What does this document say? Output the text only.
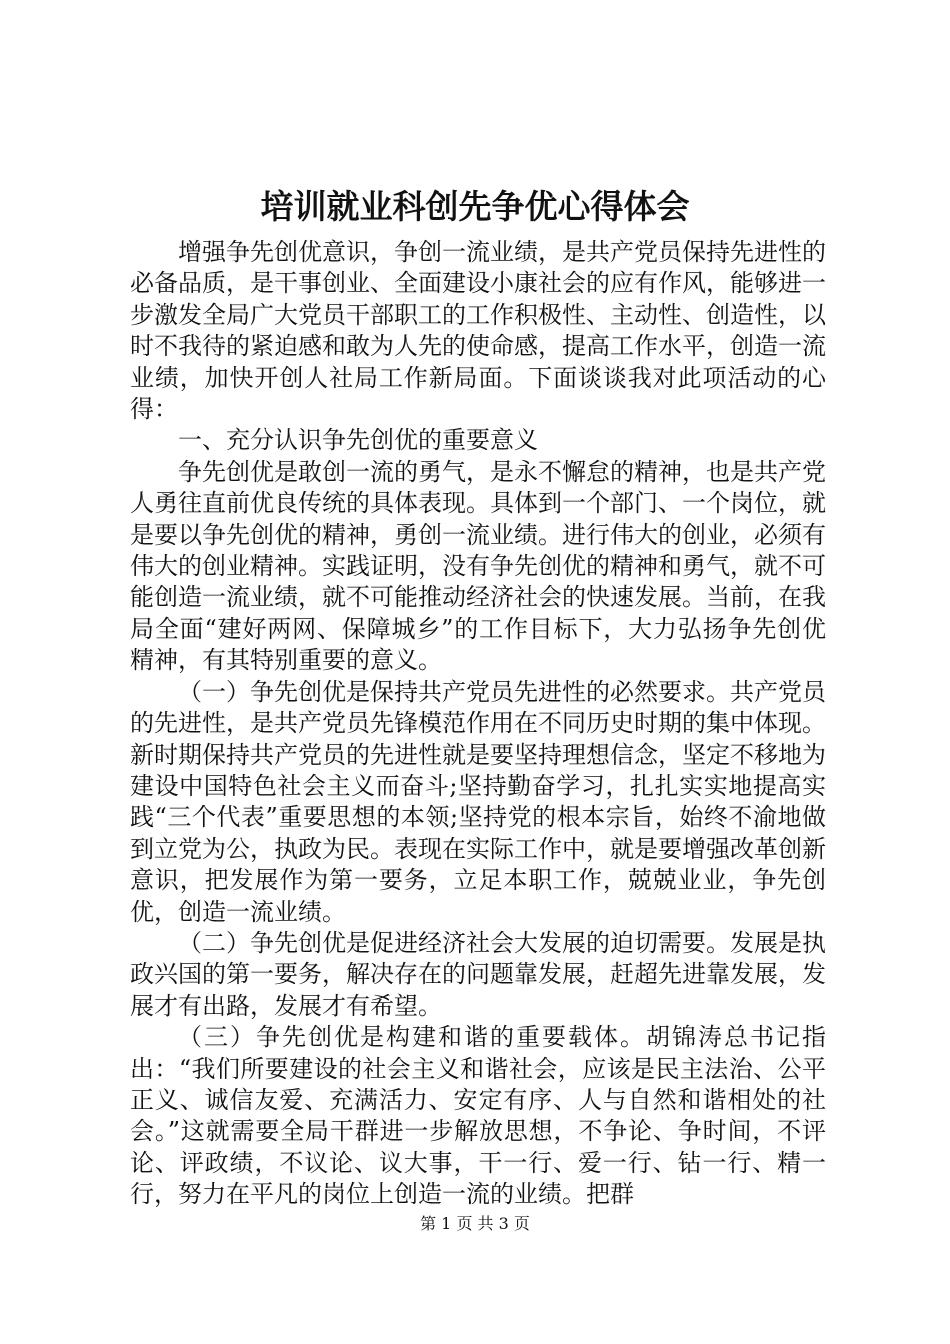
培训就业科创先争优心得体会

增强争先创优意识，争创一流业绩，是共产党员保持先进性的必备品质，是干事创业、全面建设小康社会的应有作风，能够进一步激发全局广大党员干部职工的工作积极性、主动性、创造性，以时不我待的紧迫感和敢为人先的使命感，提高工作水平，创造一流业绩，加快开创人社局工作新局面。下面谈谈我对此项活动的心得：

一、充分认识争先创优的重要意义

争先创优是敢创一流的勇气，是永不懈怠的精神，也是共产党人勇往直前优良传统的具体表现。具体到一个部门、一个岗位，就是要以争先创优的精神，勇创一流业绩。进行伟大的创业，必须有伟大的创业精神。实践证明，没有争先创优的精神和勇气，就不可能创造一流业绩，就不可能推动经济社会的快速发展。当前，在我局全面“建好两网、保障城乡”的工作目标下，大力弘扬争先创优精神，有其特别重要的意义。

（一）争先创优是保持共产党员先进性的必然要求。共产党员的先进性，是共产党员先锋模范作用在不同历史时期的集中体现。新时期保持共产党员的先进性就是要坚持理想信念，坚定不移地为建设中国特色社会主义而奋斗;坚持勤奋学习，扎扎实实地提高实践“三个代表”重要思想的本领;坚持党的根本宗旨，始终不渝地做到立党为公，执政为民。表现在实际工作中，就是要增强改革创新意识，把发展作为第一要务，立足本职工作，兢兢业业，争先创优，创造一流业绩。

（二）争先创优是促进经济社会大发展的迫切需要。发展是执政兴国的第一要务，解决存在的问题靠发展，赶超先进靠发展，发展才有出路，发展才有希望。

（三）争先创优是构建和谐的重要载体。胡锦涛总书记指出：“我们所要建设的社会主义和谐社会，应该是民主法治、公平正义、诚信友爱、充满活力、安定有序、人与自然和谐相处的社会。”这就需要全局干群进一步解放思想，不争论、争时间，不评论、评政绩，不议论、议大事，干一行、爱一行、钻一行、精一行，努力在平凡的岗位上创造一流的业绩。把群

第 1 页 共 3 页
